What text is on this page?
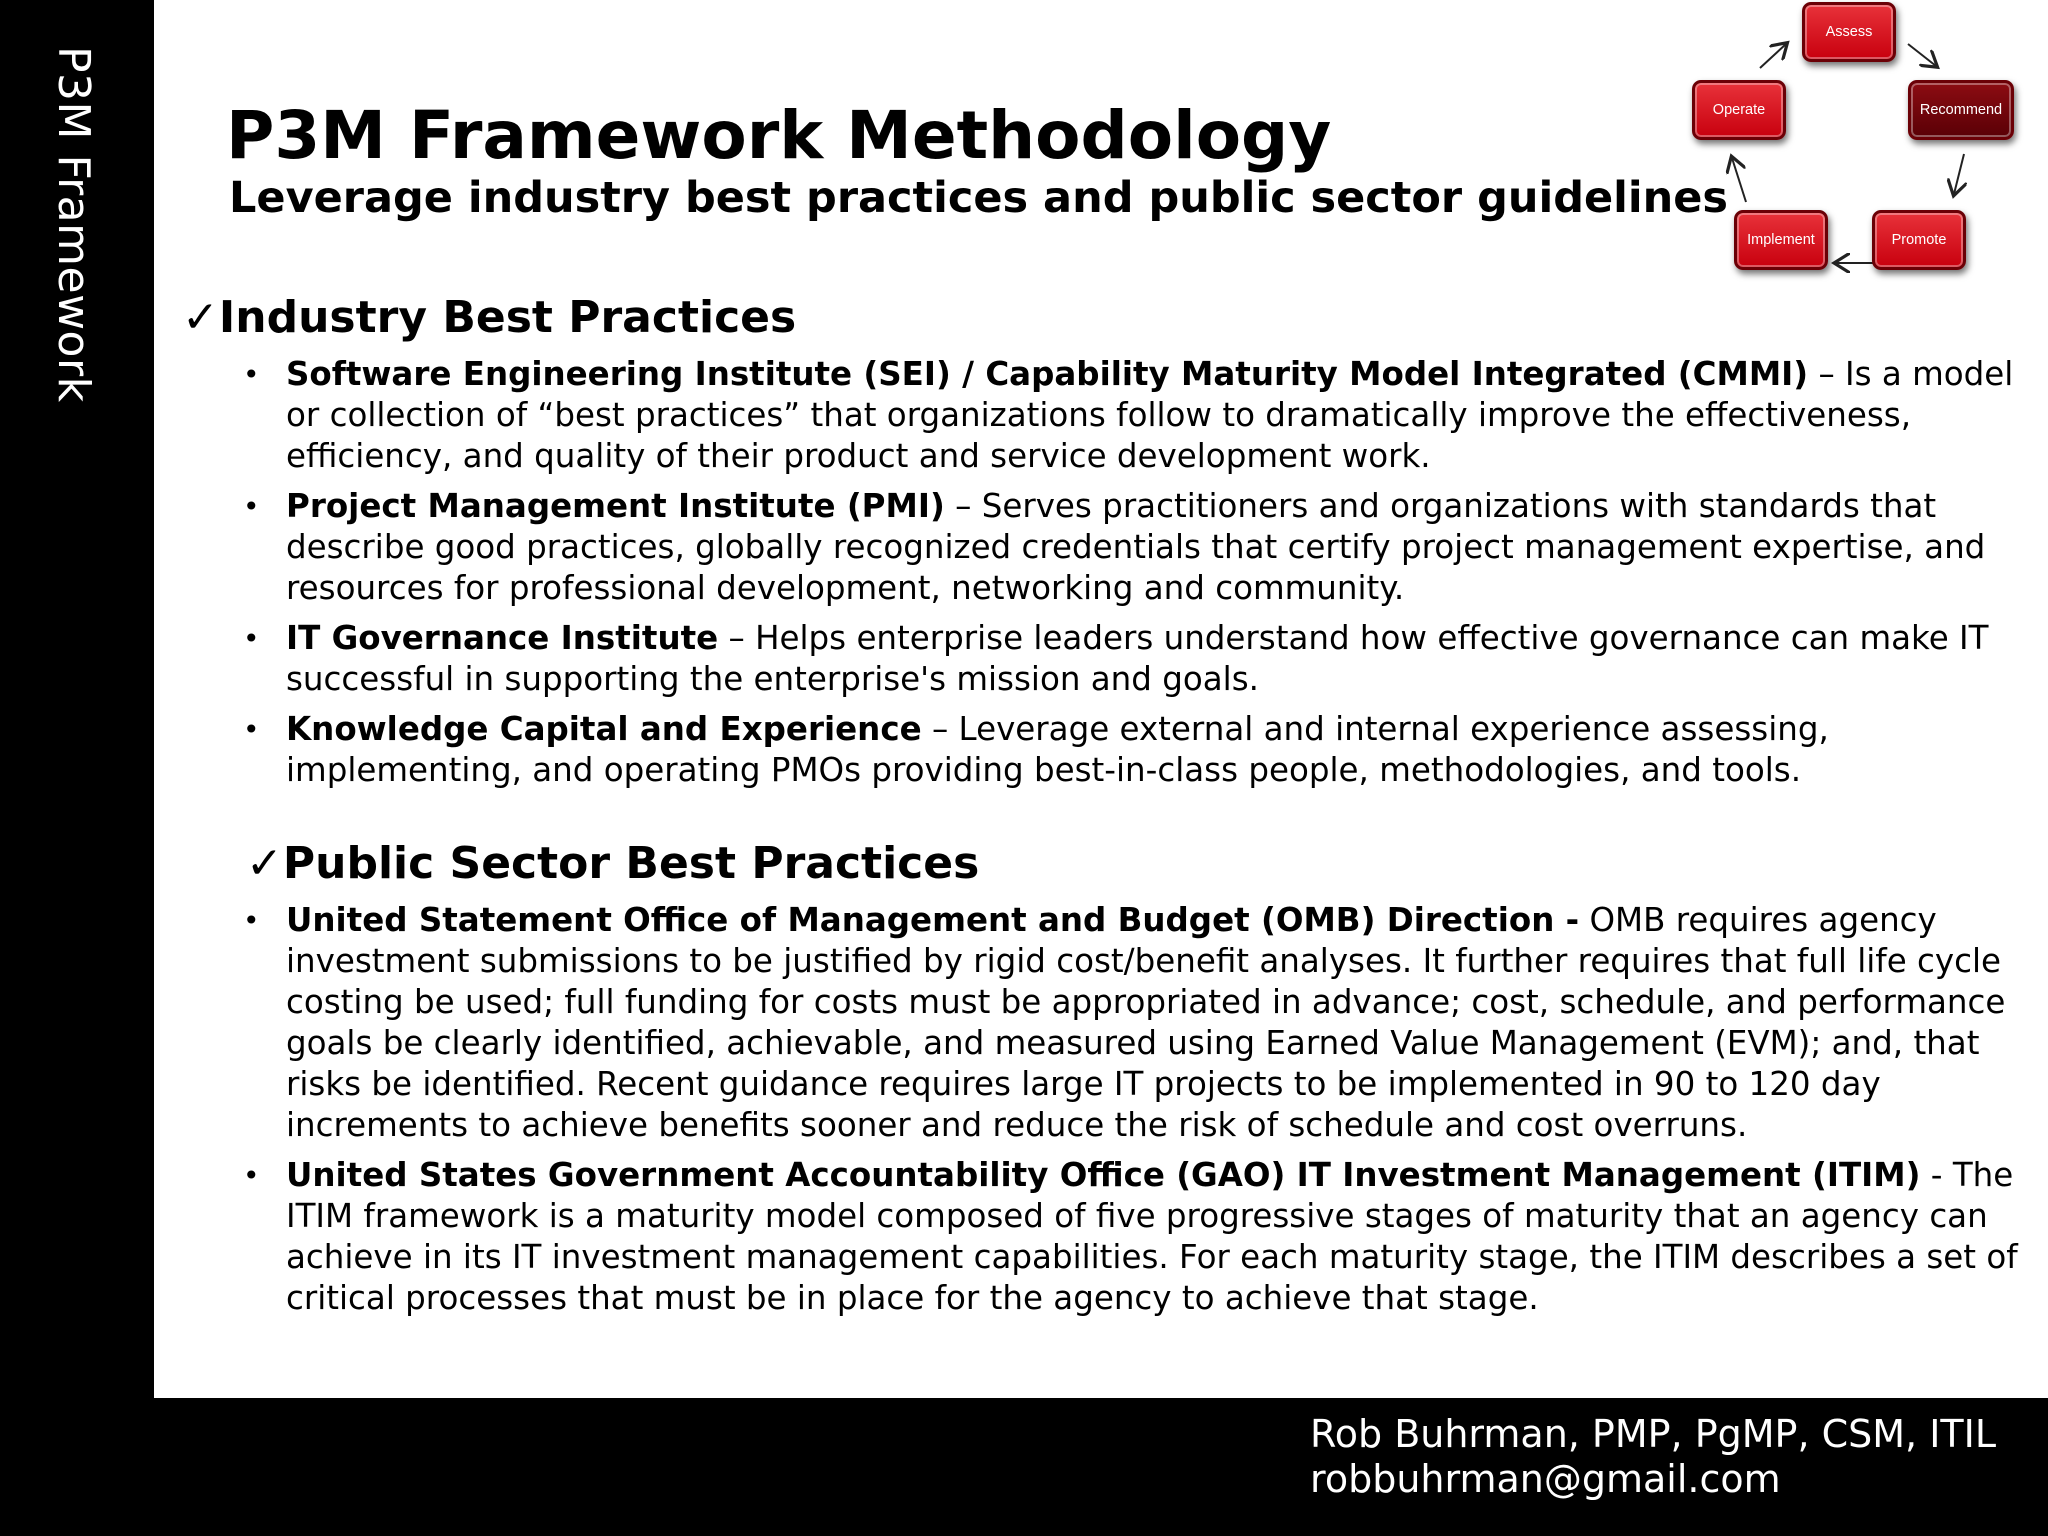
P3M Framework P3M Framework Methodology
Leverage industry best practices and public sector guidelines
Assess
Recommend
Promote
Implement
Operate
✓Industry Best Practices
• Software Engineering Institute (SEI) / Capability Maturity Model Integrated (CMMI) – Is a model or collection of “best practices” that organizations follow to dramatically improve the effectiveness, efficiency, and quality of their product and service development work.
• Project Management Institute (PMI) – Serves practitioners and organizations with standards that describe good practices, globally recognized credentials that certify project management expertise, and resources for professional development, networking and community.
• IT Governance Institute – Helps enterprise leaders understand how effective governance can make IT successful in supporting the enterprise's mission and goals.
• Knowledge Capital and Experience – Leverage external and internal experience assessing, implementing, and operating PMOs providing best-in-class people, methodologies, and tools.
✓Public Sector Best Practices
• United Statement Office of Management and Budget (OMB) Direction - OMB requires agency investment submissions to be justified by rigid cost/benefit analyses. It further requires that full life cycle costing be used; full funding for costs must be appropriated in advance; cost, schedule, and performance goals be clearly identified, achievable, and measured using Earned Value Management (EVM); and, that risks be identified. Recent guidance requires large IT projects to be implemented in 90 to 120 day increments to achieve benefits sooner and reduce the risk of schedule and cost overruns.
• United States Government Accountability Office (GAO) IT Investment Management (ITIM) - The ITIM framework is a maturity model composed of five progressive stages of maturity that an agency can achieve in its IT investment management capabilities. For each maturity stage, the ITIM describes a set of critical processes that must be in place for the agency to achieve that stage.
Rob Buhrman, PMP, PgMP, CSM, ITIL
robbuhrman@gmail.com
